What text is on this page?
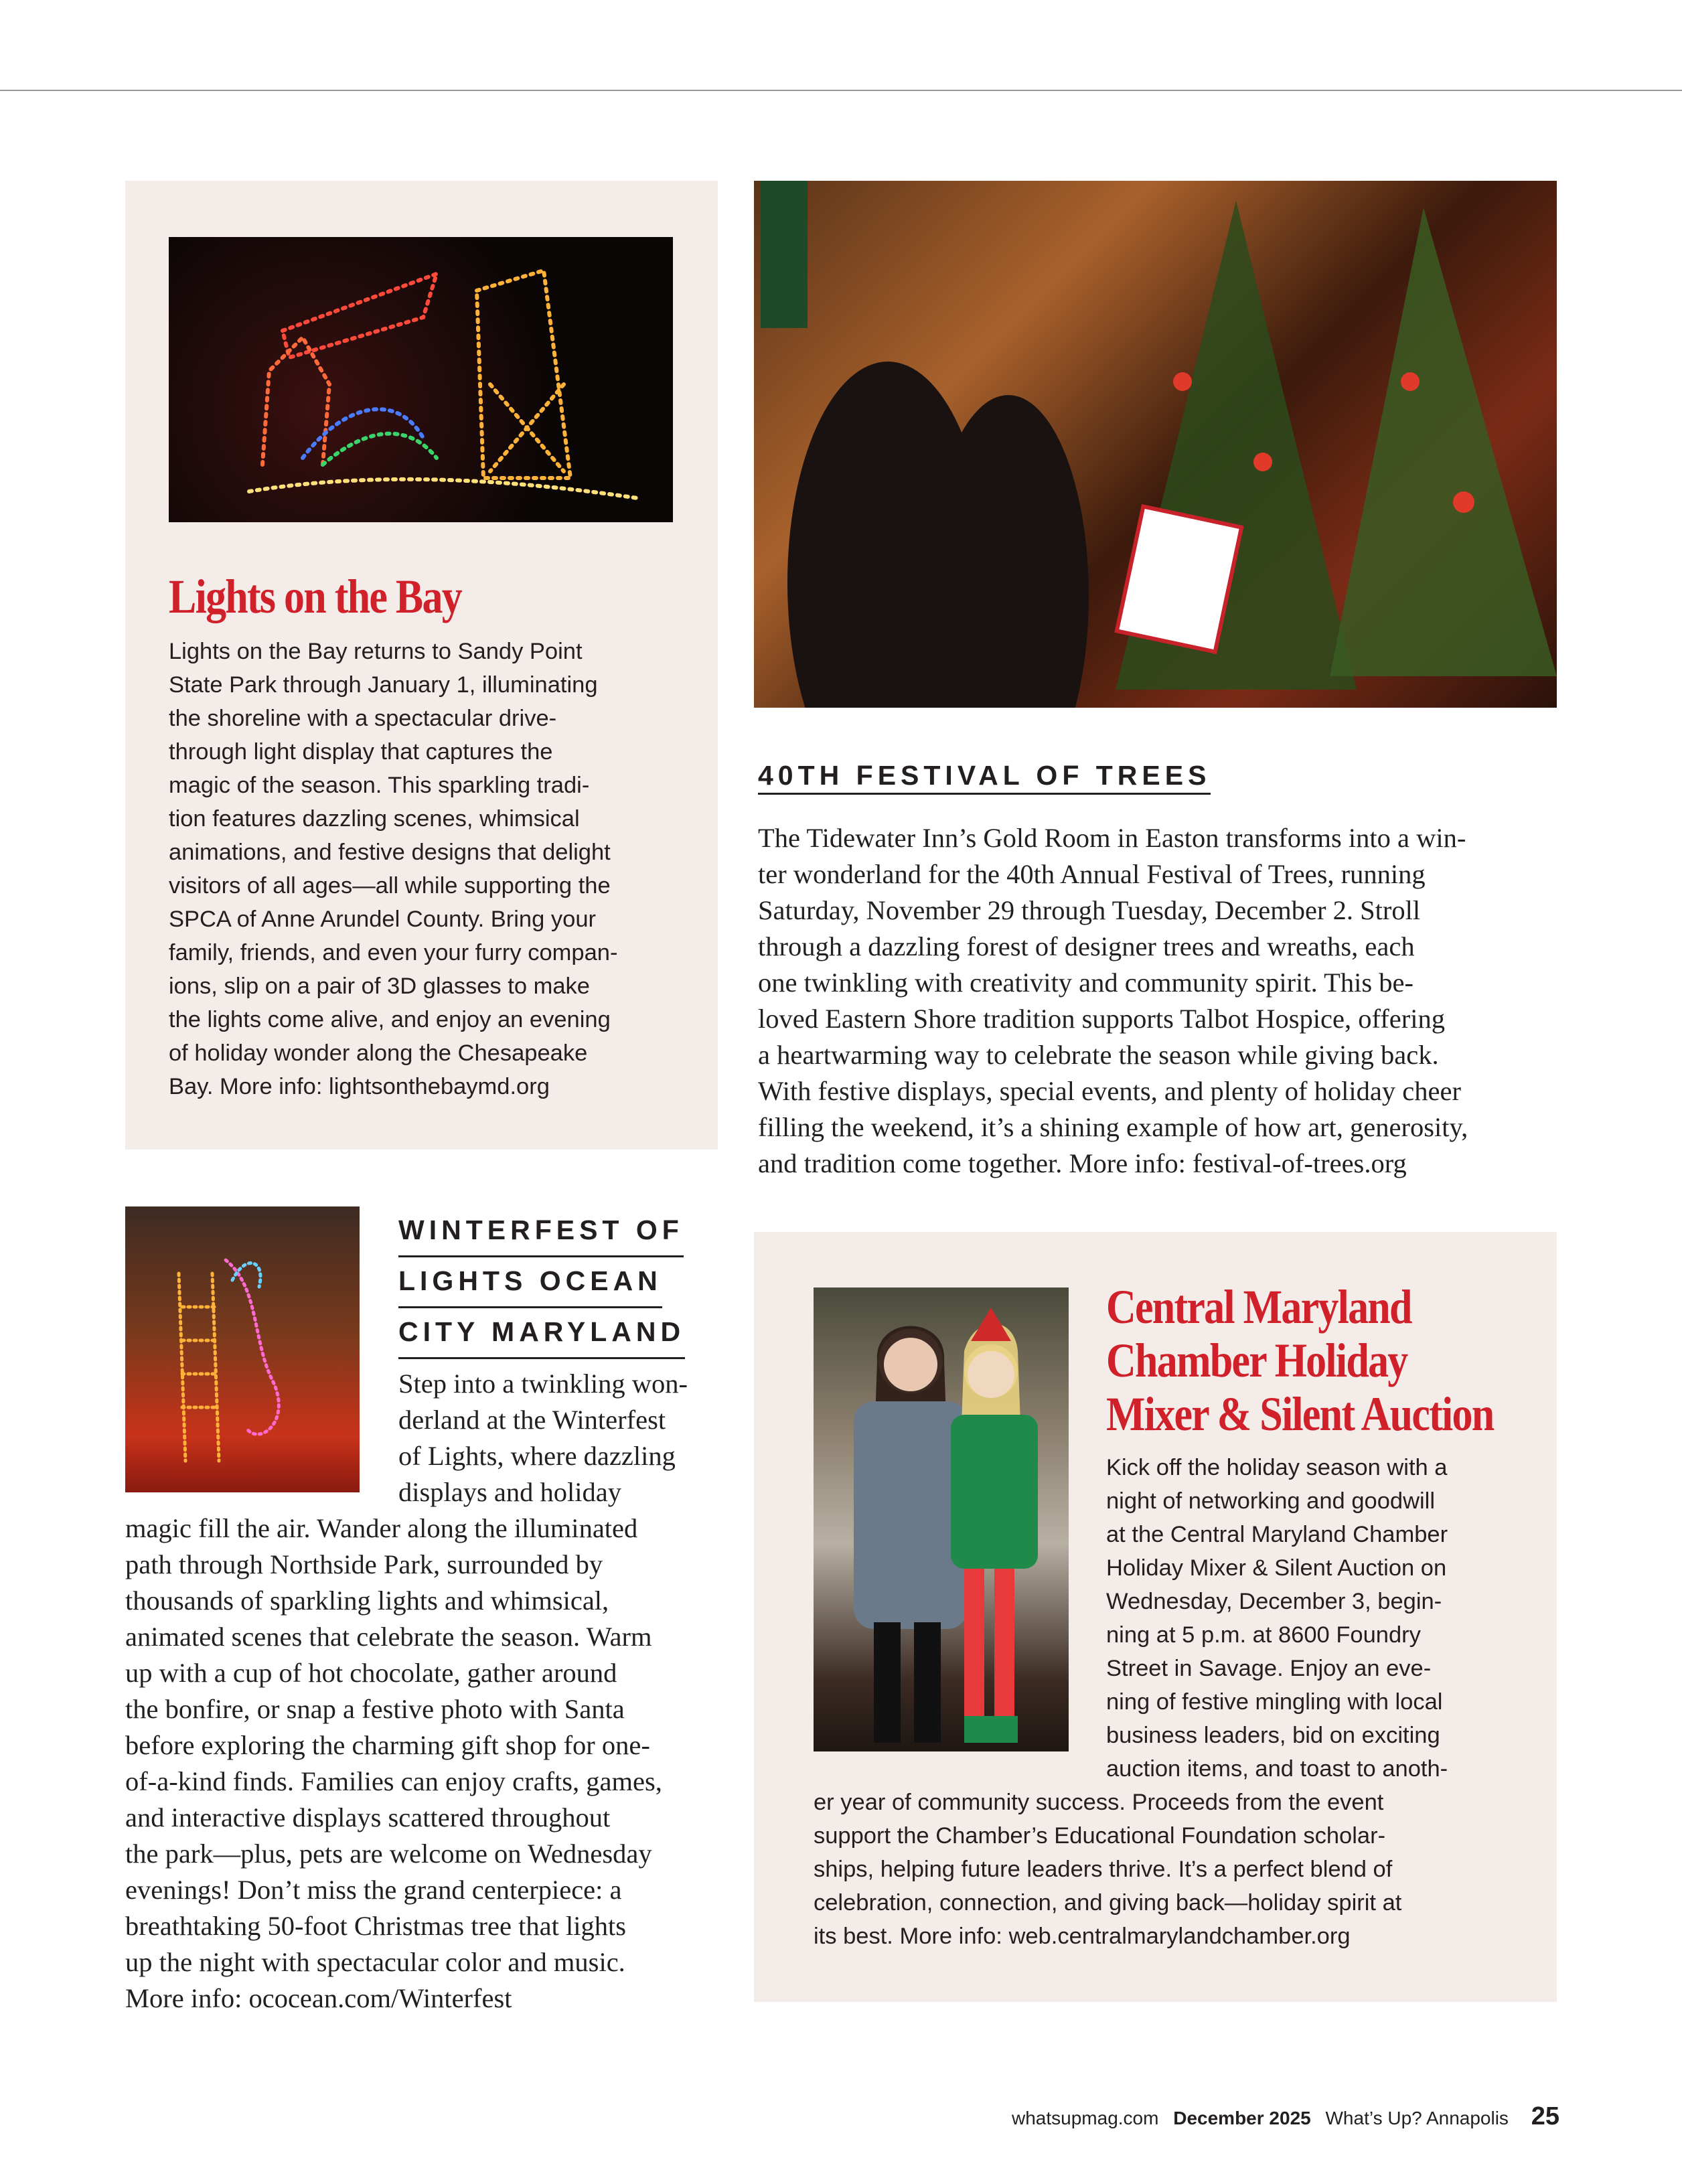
Lights on the Bay
Lights on the Bay returns to Sandy Point
State Park through January 1, illuminating
the shoreline with a spectacular drive-
through light display that captures the
magic of the season. This sparkling tradi-
tion features dazzling scenes, whimsical
animations, and festive designs that delight
visitors of all ages—all while supporting the
SPCA of Anne Arundel County. Bring your
family, friends, and even your furry compan-
ions, slip on a pair of 3D glasses to make
the lights come alive, and enjoy an evening
of holiday wonder along the Chesapeake
Bay. More info: lightsonthebaymd.org
40TH FESTIVAL OF TREES
The Tidewater Inn’s Gold Room in Easton transforms into a win-
ter wonderland for the 40th Annual Festival of Trees, running
Saturday, November 29 through Tuesday, December 2. Stroll
through a dazzling forest of designer trees and wreaths, each
one twinkling with creativity and community spirit. This be-
loved Eastern Shore tradition supports Talbot Hospice, offering
a heartwarming way to celebrate the season while giving back.
With festive displays, special events, and plenty of holiday cheer
filling the weekend, it’s a shining example of how art, generosity,
and tradition come together. More info: festival-of-trees.org
WINTERFEST OF
LIGHTS OCEAN
CITY MARYLAND

Step into a twinkling won-
derland at the Winterfest
of Lights, where dazzling
displays and holiday
magic fill the air. Wander along the illuminated
path through Northside Park, surrounded by
thousands of sparkling lights and whimsical,
animated scenes that celebrate the season. Warm
up with a cup of hot chocolate, gather around
the bonfire, or snap a festive photo with Santa
before exploring the charming gift shop for one-
of-a-kind finds. Families can enjoy crafts, games,
and interactive displays scattered throughout
the park—plus, pets are welcome on Wednesday
evenings! Don’t miss the grand centerpiece: a
breathtaking 50-foot Christmas tree that lights
up the night with spectacular color and music.
More info: ococean.com/Winterfest
Central Maryland
Chamber Holiday
Mixer & Silent Auction
Kick off the holiday season with a
night of networking and goodwill
at the Central Maryland Chamber
Holiday Mixer & Silent Auction on
Wednesday, December 3, begin-
ning at 5 p.m. at 8600 Foundry
Street in Savage. Enjoy an eve-
ning of festive mingling with local
business leaders, bid on exciting
auction items, and toast to anoth-
er year of community success. Proceeds from the event
support the Chamber’s Educational Foundation scholar-
ships, helping future leaders thrive. It’s a perfect blend of
celebration, connection, and giving back—holiday spirit at
its best. More info: web.centralmarylandchamber.org
whatsupmag.com December 2025 What’s Up? Annapolis 25
